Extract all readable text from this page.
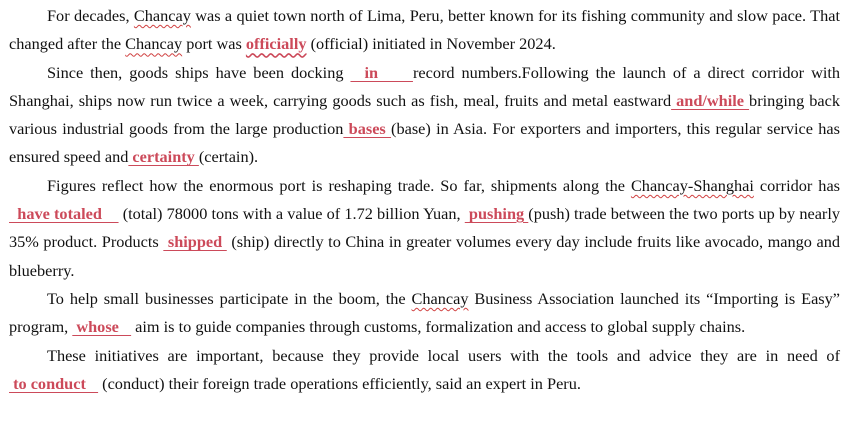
For decades, Chancay was a quiet town north of Lima, Peru, better known for its fishing community and slow pace. That changed after the Chancay port was officially (official) initiated in November 2024.

Since then, goods ships have been docking   in     record numbers.Following the launch of a direct corridor with Shanghai, ships now run twice a week, carrying goods such as fish, meal, fruits and metal eastward and/while bringing back various industrial goods from the large production bases (base) in Asia. For exporters and importers, this regular service has ensured speed and certainty (certain).

Figures reflect how the enormous port is reshaping trade. So far, shipments along the Chancay-Shanghai corridor has  have totaled     (total) 78000 tons with a value of 1.72 billion Yuan,  pushing (push) trade between the two ports up by nearly 35% product. Products  shipped  (ship) directly to China in greater volumes every day include fruits like avocado, mango and blueberry.

To help small businesses participate in the boom, the Chancay Business Association launched its “Importing is Easy” program,  whose    aim is to guide companies through customs, formalization and access to global supply chains.

These initiatives are important, because they provide local users with the tools and advice they are in need of to conduct    (conduct) their foreign trade operations efficiently, said an expert in Peru.
